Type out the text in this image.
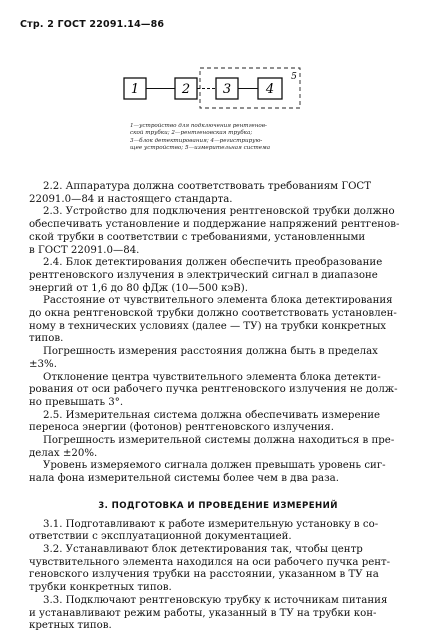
Стр. 2 ГОСТ 22091.14—86
1	2	3	4
5
1—устройство для подключения рентгенов-
ской трубки; 2—рентгеновская трубка;
3—блок детектирования; 4—регистрирую-
щее устройство; 5—измерительная система
2.2. Аппаратура должна соответствовать требованиям ГОСТ
22091.0—84 и настоящего стандарта.
2.3. Устройство для подключения рентгеновской трубки должно
обеспечивать установление и поддержание напряжений рентгенов-
ской трубки в соответствии с требованиями, установленными
в ГОСТ 22091.0—84.
2.4. Блок детектирования должен обеспечить преобразование
рентгеновского излучения в электрический сигнал в диапазоне
энергий от 1,6 до 80 фДж (10—500 кэВ).
Расстояние от чувствительного элемента блока детектирования
до окна рентгеновской трубки должно соответствовать установлен-
ному в технических условиях (далее — ТУ) на трубки конкретных
типов.
Погрешность измерения расстояния должна быть в пределах
±3%.
Отклонение центра чувствительного элемента блока детекти-
рования от оси рабочего пучка рентгеновского излучения не долж-
но превышать 3°.
2.5. Измерительная система должна обеспечивать измерение
переноса энергии (фотонов) рентгеновского излучения.
Погрешность измерительной системы должна находиться в пре-
делах ±20%.
Уровень измеряемого сигнала должен превышать уровень сиг-
нала фона измерительной системы более чем в два раза.
3. ПОДГОТОВКА И ПРОВЕДЕНИЕ ИЗМЕРЕНИЙ
3.1. Подготавливают к работе измерительную установку в со-
ответствии с эксплуатационной документацией.
3.2. Устанавливают блок детектирования так, чтобы центр
чувствительного элемента находился на оси рабочего пучка рент-
геновского излучения трубки на расстоянии, указанном в ТУ на
трубки конкретных типов.
3.3. Подключают рентгеновскую трубку к источникам питания
и устанавливают режим работы, указанный в ТУ на трубки кон-
кретных типов.
